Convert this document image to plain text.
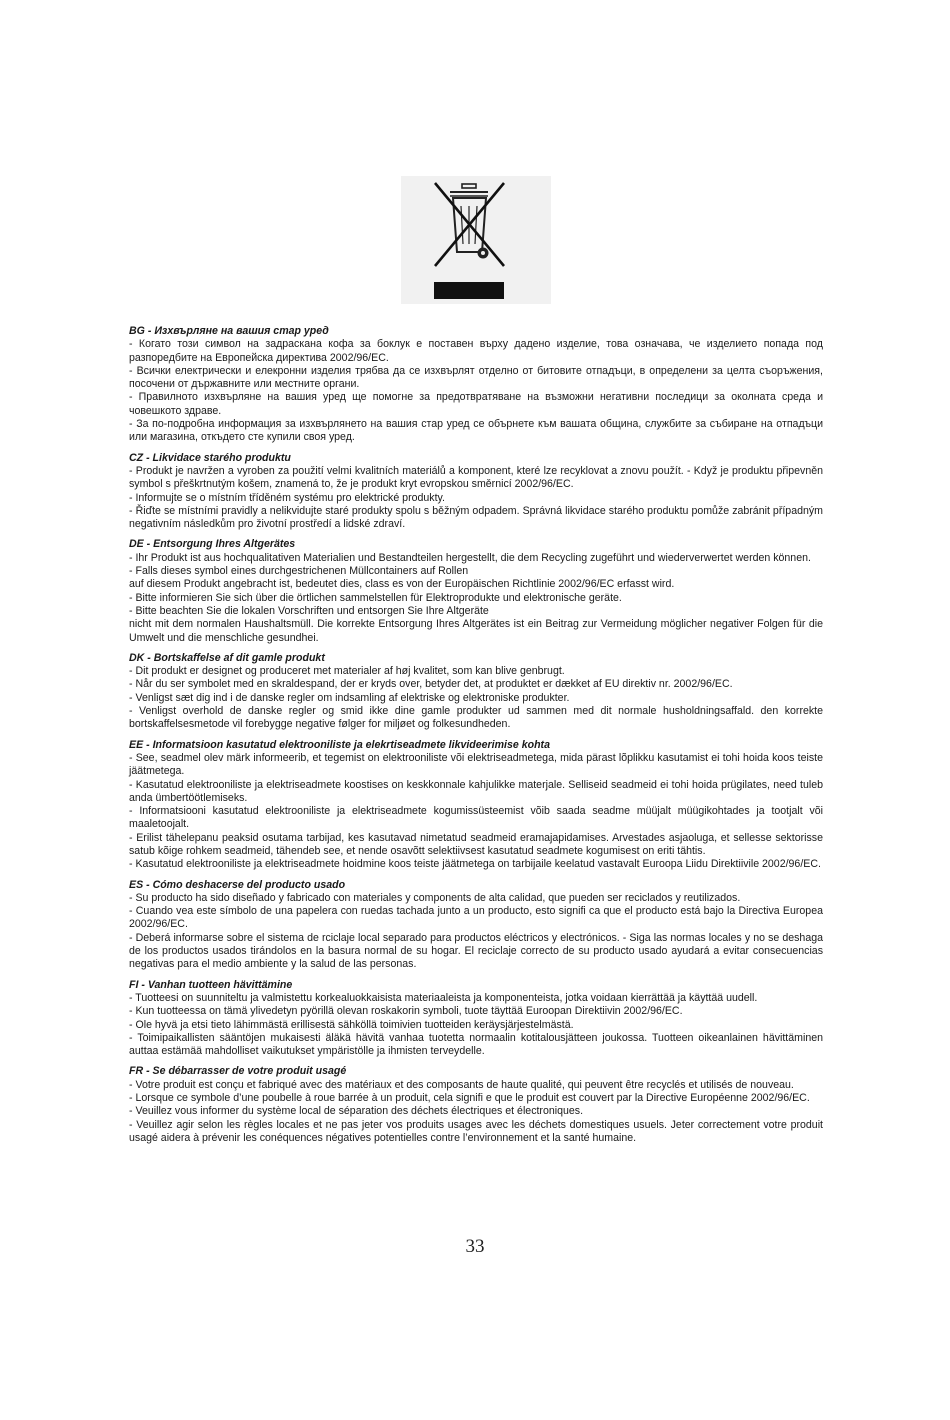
BG - Изхвърляне на вашия стар уред

- Когато този символ на задраскана кофа за боклук е поставен върху дадено изделие, това означава, че изделието попада под разпоредбите на Европейска директива 2002/96/ЕС.

- Всички електрически и елекронни изделия трябва да се изхвърлят отделно от битовите отпадъци, в определени за целта съоръжения, посочени от държавните или местните органи.

- Правилното изхвърляне на вашия уред ще помогне за предотвратяване на възможни негативни последици за околната среда и човешкото здраве.

- За по-подробна информация за изхвърлянето на вашия стар уред се обърнете към вашата община, службите за събиране на отпадъци или магазина, откъдето сте купили своя уред.

CZ - Likvidace starého produktu

- Produkt je navržen a vyroben za použití velmi kvalitních materiálů a komponent, které lze recyklovat a znovu použít. - Když je produktu připevněn symbol s přeškrtnutým košem, znamená to, že je produkt kryt evropskou směrnicí 2002/96/EC.

- Informujte se o místním tříděném systému pro elektrické produkty.

- Řiďte se místními pravidly a nelikvidujte staré produkty spolu s běžným odpadem. Správná likvidace starého produktu pomůže zabránit případným negativním následkům pro životní prostředí a lidské zdraví.

DE - Entsorgung Ihres Altgerätes

- Ihr Produkt ist aus hochqualitativen Materialien und Bestandteilen hergestellt, die dem Recycling zugeführt und wiederverwertet werden können.

- Falls dieses symbol eines durchgestrichenen Müllcontainers auf Rollen

auf diesem Produkt angebracht ist, bedeutet dies, class es von der Europäischen Richtlinie 2002/96/EC erfasst wird.

- Bitte informieren Sie sich über die örtlichen sammelstellen für Elektroprodukte und elektronische geräte.

- Bitte beachten Sie die lokalen Vorschriften und entsorgen Sie Ihre Altgeräte

nicht mit dem normalen Haushaltsmüll. Die korrekte Entsorgung Ihres Altgerätes ist ein Beitrag zur Vermeidung möglicher negativer Folgen für die Umwelt und die menschliche gesundhei.

DK - Bortskaffelse af dit gamle produkt

- Dit produkt er designet og produceret met materialer af høj kvalitet, som kan blive genbrugt.

- Når du ser symbolet med en skraldespand, der er kryds over, betyder det, at produktet er dækket af EU direktiv nr. 2002/96/EC.

- Venligst sæt dig ind i de danske regler om indsamling af elektriske og elektroniske produkter.

- Venligst overhold de danske regler og smid ikke dine gamle produkter ud sammen med dit normale husholdningsaffald. den korrekte bortskaffelsesmetode vil forebygge negative følger for miljøet og folkesundheden.

EE - Informatsioon kasutatud elektrooniliste ja elekrtiseadmete likvideerimise kohta

- See, seadmel olev märk informeerib, et tegemist on elektrooniliste või elektriseadmetega, mida pärast lõplikku kasutamist ei tohi hoida koos teiste jäätmetega.

- Kasutatud elektrooniliste ja elektriseadmete koostises on keskkonnale kahjulikke materjale. Selliseid seadmeid ei tohi hoida prügilates, need tuleb anda ümbertöötlemiseks.

- Informatsiooni kasutatud elektrooniliste ja elektriseadmete kogumissüsteemist võib saada seadme müüjalt müügikohtades ja tootjalt või maaletoojalt.

- Erilist tähelepanu peaksid osutama tarbijad, kes kasutavad nimetatud seadmeid eramajapidamises. Arvestades asjaoluga, et sellesse sektorisse satub kõige rohkem seadmeid, tähendeb see, et nende osavõtt selektiivsest kasutatud seadmete kogumisest on eriti tähtis.

- Kasutatud elektrooniliste ja elektriseadmete hoidmine koos teiste jäätmetega on tarbijaile keelatud vastavalt Euroopa Liidu Direktiivile 2002/96/EC.

ES - Cómo deshacerse del producto usado

- Su producto ha sido diseñado y fabricado con materiales y components de alta calidad, que pueden ser reciclados y reutilizados.

- Cuando vea este símbolo de una papelera con ruedas tachada junto a un producto, esto signifi ca que el producto está bajo la Directiva Europea 2002/96/EC.

- Deberá informarse sobre el sistema de rciclaje local separado para productos eléctricos y electrónicos. - Siga las normas locales y no se deshaga de los productos usados tirándolos en la basura normal de su hogar. El reciclaje correcto de su producto usado ayudará a evitar consecuencias negativas para el medio ambiente y la salud de las personas.

FI - Vanhan tuotteen hävittämine

- Tuotteesi on suunniteltu ja valmistettu korkealuokkaisista materiaaleista ja komponenteista, jotka voidaan kierrättää ja käyttää uudell.

- Kun tuotteessa on tämä ylivedetyn pyörillä olevan roskakorin symboli, tuote täyttää Euroopan Direktiivin 2002/96/EC.

- Ole hyvä ja etsi tieto lähimmästä erillisestä sähköllä toimivien tuotteiden keräysjärjestelmästä.

- Toimipaikallisten sääntöjen mukaisesti äläkä hävitä vanhaa tuotetta normaalin kotitalousjätteen joukossa. Tuotteen oikeanlainen hävittäminen auttaa estämää mahdolliset vaikutukset ympäristölle ja ihmisten terveydelle.

FR - Se débarrasser de votre produit usagé

- Votre produit est conçu et fabriqué avec des matériaux et des composants de haute qualité, qui peuvent être recyclés et utilisés de nouveau.

- Lorsque ce symbole d’une poubelle à roue barrée à un produit, cela signifi e que le produit est couvert par la Directive Européenne 2002/96/EC.

- Veuillez vous informer du système local de séparation des déchets électriques et électroniques.

- Veuillez agir selon les règles locales et ne pas jeter vos produits usages avec les déchets domestiques usuels. Jeter correctement votre produit usagé aidera à prévenir les conéquences négatives potentielles contre l’environnement et la santé humaine.

33
